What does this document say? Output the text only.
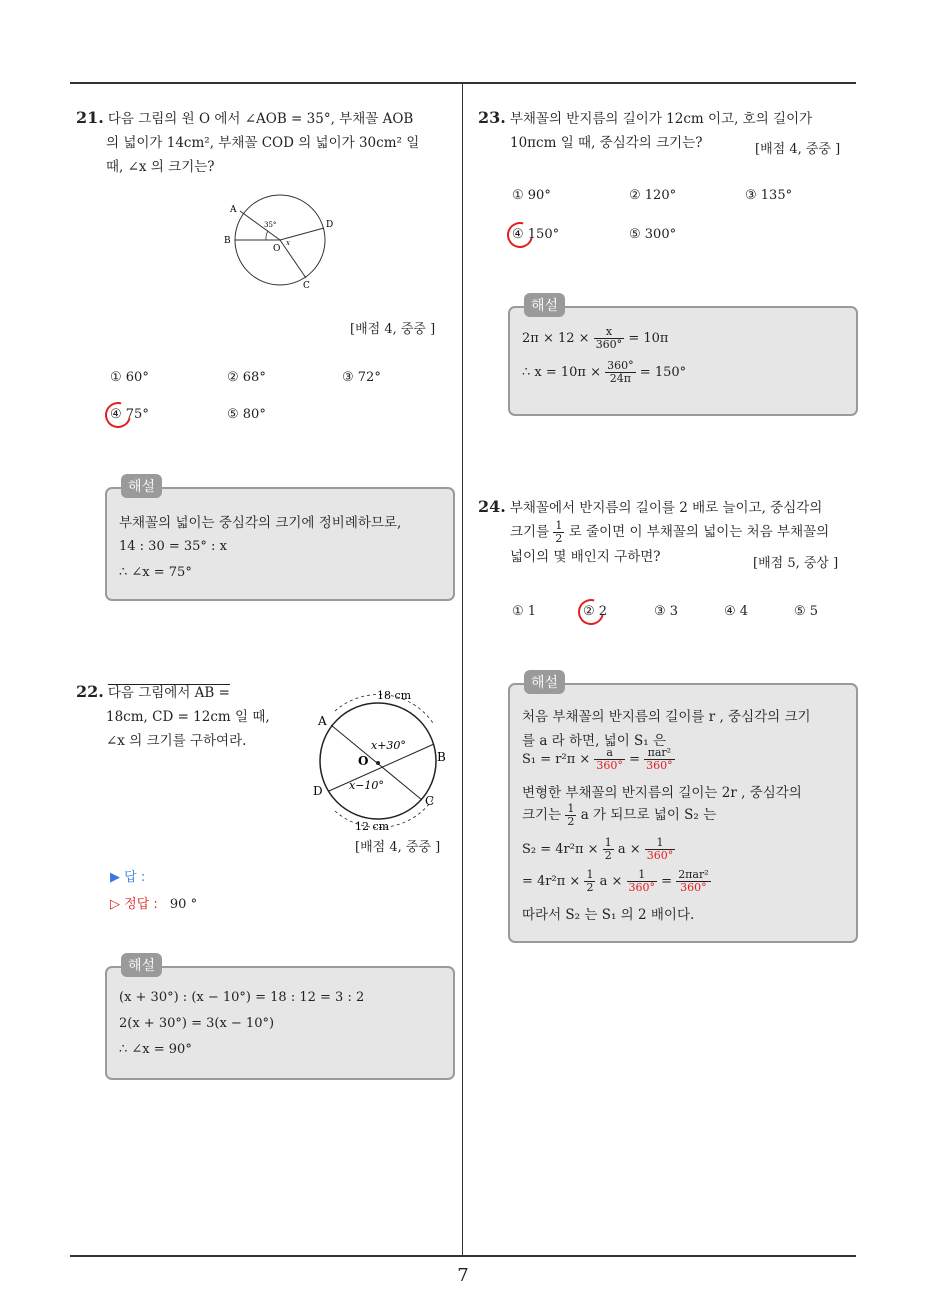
7
21. 다음 그림의 원 O 에서 ∠AOB = 35°, 부채꼴 AOB
의 넓이가 14cm², 부채꼴 COD 의 넓이가 30cm² 일
때, ∠x 의 크기는?
A
B
C
D
O
35°
x
[배점 4, 중중 ]
① 60°	② 68°	③ 72°
④ 75°	⑤ 80°
해설
부채꼴의 넓이는 중심각의 크기에 정비례하므로,
14 : 30 = 35° : x
∴ ∠x = 75°
22. 다음 그림에서 AB =
18cm, CD = 12cm 일 때,
∠x 의 크기를 구하여라.
18 cm
12 cm
A
B
C
D
O
x+30°
x−10°
[배점 4, 중중 ]
▶ 답 :
▷ 정답 : 90 °
해설
(x + 30°) : (x − 10°) = 18 : 12 = 3 : 2
2(x + 30°) = 3(x − 10°)
∴ ∠x = 90°
23. 부채꼴의 반지름의 길이가 12cm 이고, 호의 길이가
10πcm 일 때, 중심각의 크기는?	[배점 4, 중중 ]
① 90°	② 120°	③ 135°
④ 150°	⑤ 300°
해설
$2\pi \times 12 \times \frac{x}{360^\circ} = 10\pi$
∴ $x = 10\pi \times \frac{360^\circ}{24\pi} = 150^\circ$
24. 부채꼴에서 반지름의 길이를 2 배로 늘이고, 중심각의
크기를 $\frac{1}{2}$ 로 줄이면 이 부채꼴의 넓이는 처음 부채꼴의
넓이의 몇 배인지 구하면?	[배점 5, 중상 ]
① 1	② 2	③ 3	④ 4	⑤ 5
해설
처음 부채꼴의 반지름의 길이를 r , 중심각의 크기
를 a 라 하면, 넓이 S₁ 은
$S_1 = r^2\pi \times \frac{a}{360^\circ} = \frac{\text{πar²}}{360^\circ}$
변형한 부채꼴의 반지름의 길이는 2r , 중심각의
크기는 $\frac{1}{2}$ a 가 되므로 넓이 S₂ 는
$S_2 = 4r^2\pi \times \frac{1}{2}$ $a \times \frac{1}{360^\circ}$
= $4r^2\pi \times \frac{1}{2}$ $a \times \frac{1}{360^\circ} = \frac{\text{2πar²}}{360^\circ}$
따라서 S₂ 는 S₁ 의 2 배이다.
